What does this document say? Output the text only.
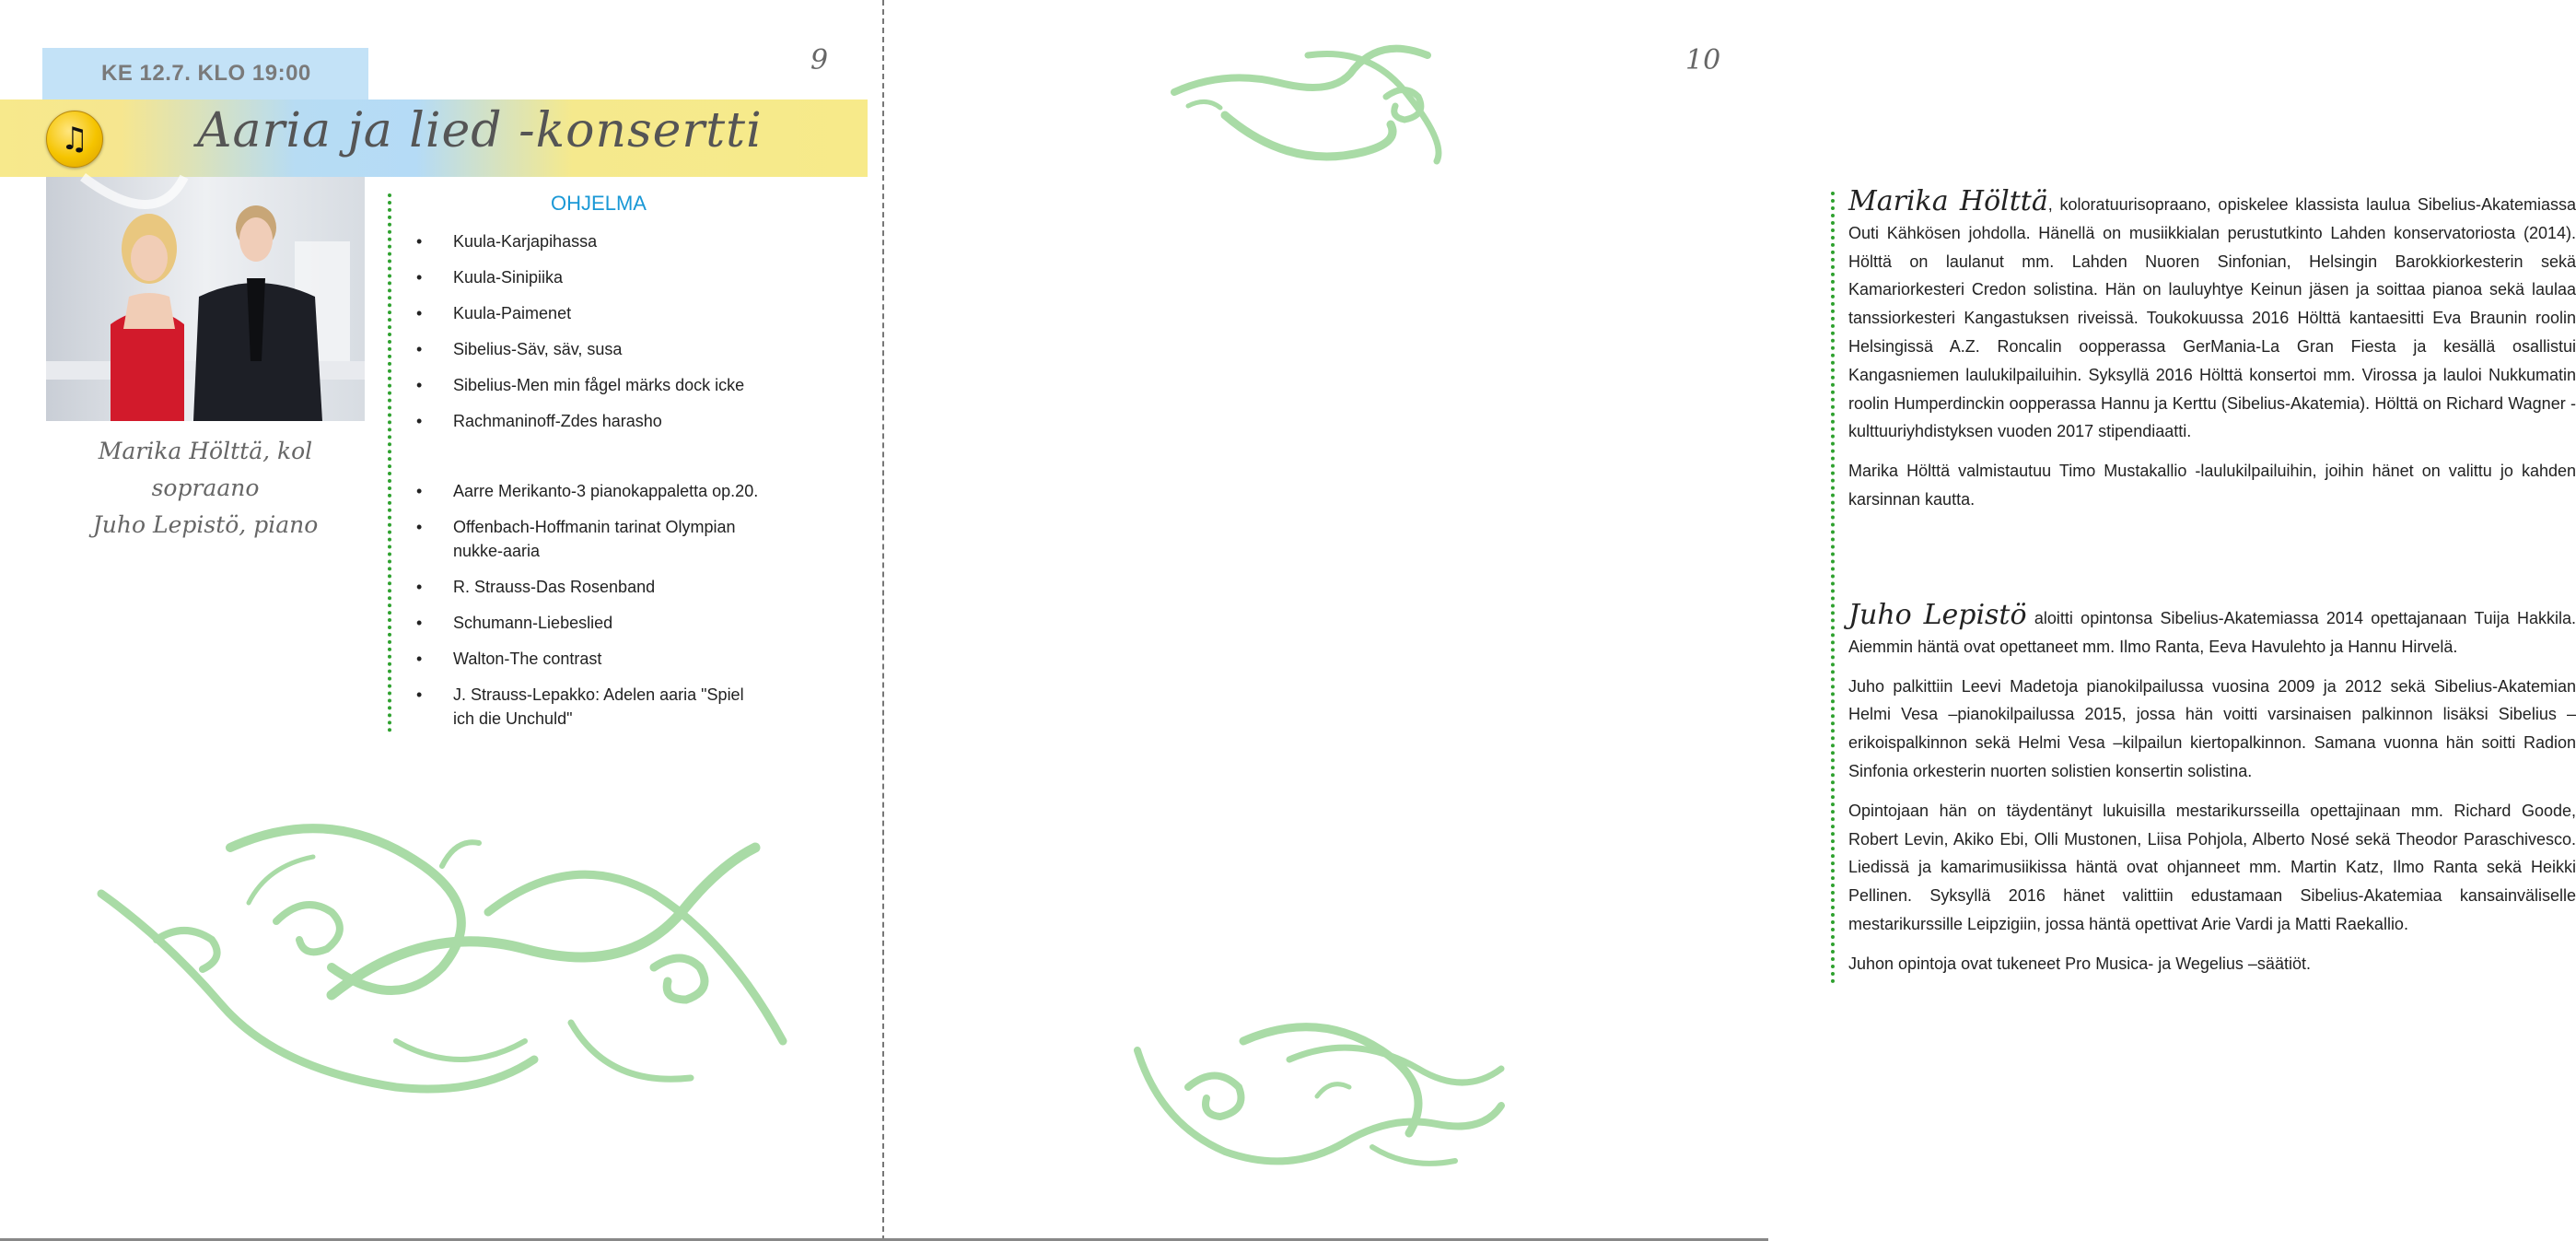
9
KE 12.7. KLO 19:00
♫	Aaria ja lied -konsertti
Marika Hölttä, kol sopraano
Juho Lepistö, piano
OHJELMA
• Kuula-Karjapihassa
• Kuula-Sinipiika
• Kuula-Paimenet
• Sibelius-Säv, säv, susa
• Sibelius-Men min fågel märks dock icke
• Rachmaninoff-Zdes harasho
• Aarre Merikanto-3 pianokappaletta op.20.
• Offenbach-Hoffmanin tarinat Olympian nukke-aaria
• R. Strauss-Das Rosenband
• Schumann-Liebeslied
• Walton-The contrast
• J. Strauss-Lepakko: Adelen aaria "Spiel ich die Unchuld"
10

Marika Hölttä, koloratuurisopraano, opiskelee klassista laulua Sibelius-Akatemiassa Outi Kähkösen johdolla. Hänellä on musiikkialan perustutkinto Lahden konservatoriosta (2014). Hölttä on laulanut mm. Lahden Nuoren Sinfonian, Helsingin Barokkiorkesterin sekä Kamariorkesteri Credon solistina. Hän on lauluyhtye Keinun jäsen ja soittaa pianoa sekä laulaa tanssiorkesteri Kangastuksen riveissä. Toukokuussa 2016 Hölttä kantaesitti Eva Braunin roolin Helsingissä A.Z. Roncalin oopperassa GerMania-La Gran Fiesta ja kesällä osallistui Kangasniemen laulukilpailuihin. Syksyllä 2016 Hölttä konsertoi mm. Virossa ja lauloi Nukkumatin roolin Humperdinckin oopperassa Hannu ja Kerttu (Sibelius-Akatemia). Hölttä on Richard Wagner -kulttuuriyhdistyksen vuoden 2017 stipendiaatti.

Marika Hölttä valmistautuu Timo Mustakallio -laulukilpailuihin, joihin hänet on valittu jo kahden karsinnan kautta.

Juho Lepistö aloitti opintonsa Sibelius-Akatemiassa 2014 opettajanaan Tuija Hakkila. Aiemmin häntä ovat opettaneet mm. Ilmo Ranta, Eeva Havulehto ja Hannu Hirvelä.

Juho palkittiin Leevi Madetoja pianokilpailussa vuosina 2009 ja 2012 sekä Sibelius-Akatemian Helmi Vesa –pianokilpailussa 2015, jossa hän voitti varsinaisen palkinnon lisäksi Sibelius –erikoispalkinnon sekä Helmi Vesa –kilpailun kiertopalkinnon. Samana vuonna hän soitti Radion Sinfonia orkesterin nuorten solistien konsertin solistina.

Opintojaan hän on täydentänyt lukuisilla mestarikursseilla opettajinaan mm. Richard Goode, Robert Levin, Akiko Ebi, Olli Mustonen, Liisa Pohjola, Alberto Nosé sekä Theodor Paraschivesco. Liedissä ja kamarimusiikissa häntä ovat ohjanneet mm. Martin Katz, Ilmo Ranta sekä Heikki Pellinen. Syksyllä 2016 hänet valittiin edustamaan Sibelius-Akatemiaa kansainväliselle mestarikurssille Leipzigiin, jossa häntä opettivat Arie Vardi ja Matti Raekallio.

Juhon opintoja ovat tukeneet Pro Musica- ja Wegelius –säätiöt.
